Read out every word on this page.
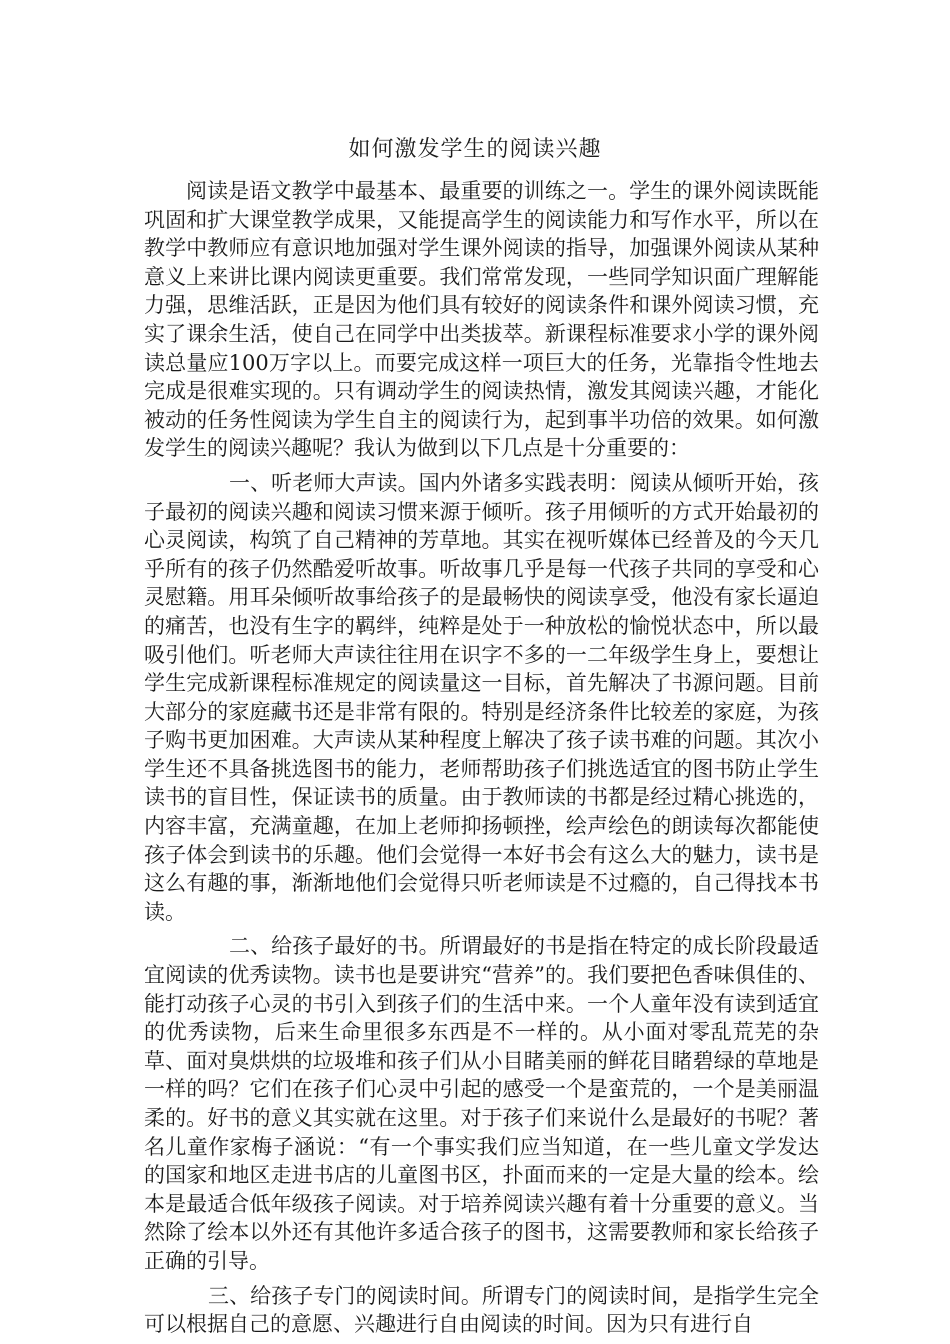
如何激发学生的阅读兴趣

阅读是语文教学中最基本、最重要的训练之一。学生的课外阅读既能巩固和扩大课堂教学成果，又能提高学生的阅读能力和写作水平，所以在教学中教师应有意识地加强对学生课外阅读的指导，加强课外阅读从某种意义上来讲比课内阅读更重要。我们常常发现，一些同学知识面广理解能力强，思维活跃，正是因为他们具有较好的阅读条件和课外阅读习惯，充实了课余生活，使自己在同学中出类拔萃。新课程标准要求小学的课外阅读总量应100万字以上。而要完成这样一项巨大的任务，光靠指令性地去完成是很难实现的。只有调动学生的阅读热情，激发其阅读兴趣，才能化被动的任务性阅读为学生自主的阅读行为，起到事半功倍的效果。如何激发学生的阅读兴趣呢？我认为做到以下几点是十分重要的：

一、听老师大声读。国内外诸多实践表明：阅读从倾听开始，孩子最初的阅读兴趣和阅读习惯来源于倾听。孩子用倾听的方式开始最初的心灵阅读，构筑了自己精神的芳草地。其实在视听媒体已经普及的今天几乎所有的孩子仍然酷爱听故事。听故事几乎是每一代孩子共同的享受和心灵慰籍。用耳朵倾听故事给孩子的是最畅快的阅读享受，他没有家长逼迫的痛苦，也没有生字的羁绊，纯粹是处于一种放松的愉悦状态中，所以最吸引他们。听老师大声读往往用在识字不多的一二年级学生身上，要想让学生完成新课程标准规定的阅读量这一目标，首先解决了书源问题。目前大部分的家庭藏书还是非常有限的。特别是经济条件比较差的家庭，为孩子购书更加困难。大声读从某种程度上解决了孩子读书难的问题。其次小学生还不具备挑选图书的能力，老师帮助孩子们挑选适宜的图书防止学生读书的盲目性，保证读书的质量。由于教师读的书都是经过精心挑选的，内容丰富，充满童趣，在加上老师抑扬顿挫，绘声绘色的朗读每次都能使孩子体会到读书的乐趣。他们会觉得一本好书会有这么大的魅力，读书是这么有趣的事，渐渐地他们会觉得只听老师读是不过瘾的，自己得找本书读。

二、给孩子最好的书。所谓最好的书是指在特定的成长阶段最适宜阅读的优秀读物。读书也是要讲究“营养”的。我们要把色香味俱佳的、能打动孩子心灵的书引入到孩子们的生活中来。一个人童年没有读到适宜的优秀读物，后来生命里很多东西是不一样的。从小面对零乱荒芜的杂草、面对臭烘烘的垃圾堆和孩子们从小目睹美丽的鲜花目睹碧绿的草地是一样的吗？它们在孩子们心灵中引起的感受一个是蛮荒的，一个是美丽温柔的。好书的意义其实就在这里。对于孩子们来说什么是最好的书呢？著名儿童作家梅子涵说：“有一个事实我们应当知道，在一些儿童文学发达的国家和地区走进书店的儿童图书区，扑面而来的一定是大量的绘本。绘本是最适合低年级孩子阅读。对于培养阅读兴趣有着十分重要的意义。当然除了绘本以外还有其他许多适合孩子的图书，这需要教师和家长给孩子正确的引导。

三、给孩子专门的阅读时间。所谓专门的阅读时间，是指学生完全可以根据自己的意愿、兴趣进行自由阅读的时间。因为只有进行自
